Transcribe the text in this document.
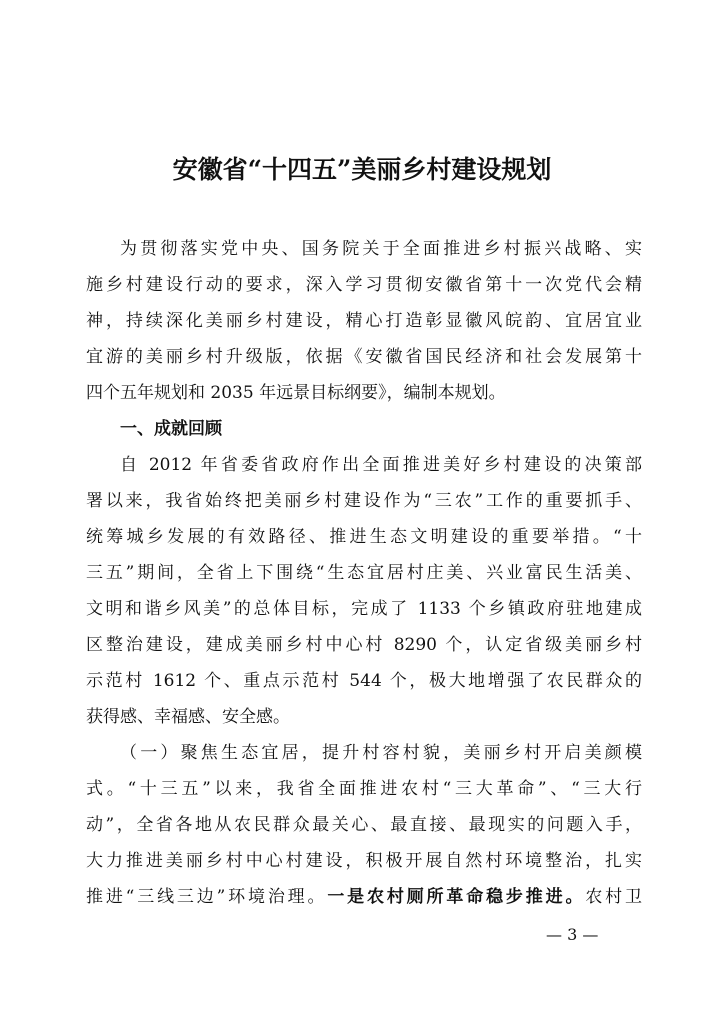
安徽省“十四五”美丽乡村建设规划
为贯彻落实党中央、国务院关于全面推进乡村振兴战略、实
施乡村建设行动的要求，深入学习贯彻安徽省第十一次党代会精
神，持续深化美丽乡村建设，精心打造彰显徽风皖韵、宜居宜业
宜游的美丽乡村升级版，依据《安徽省国民经济和社会发展第十
四个五年规划和 2035 年远景目标纲要》，编制本规划。
一、成就回顾
自 2012 年省委省政府作出全面推进美好乡村建设的决策部
署以来，我省始终把美丽乡村建设作为“三农”工作的重要抓手、
统筹城乡发展的有效路径、推进生态文明建设的重要举措。“十
三五”期间，全省上下围绕“生态宜居村庄美、兴业富民生活美、
文明和谐乡风美”的总体目标，完成了 1133 个乡镇政府驻地建成
区整治建设，建成美丽乡村中心村 8290 个，认定省级美丽乡村
示范村 1612 个、重点示范村 544 个，极大地增强了农民群众的
获得感、幸福感、安全感。
（一）聚焦生态宜居，提升村容村貌，美丽乡村开启美颜模
式。“十三五”以来，我省全面推进农村“三大革命”、“三大行
动”，全省各地从农民群众最关心、最直接、最现实的问题入手，
大力推进美丽乡村中心村建设，积极开展自然村环境整治，扎实
推进“三线三边”环境治理。一是农村厕所革命稳步推进。农村卫
— 3 —
